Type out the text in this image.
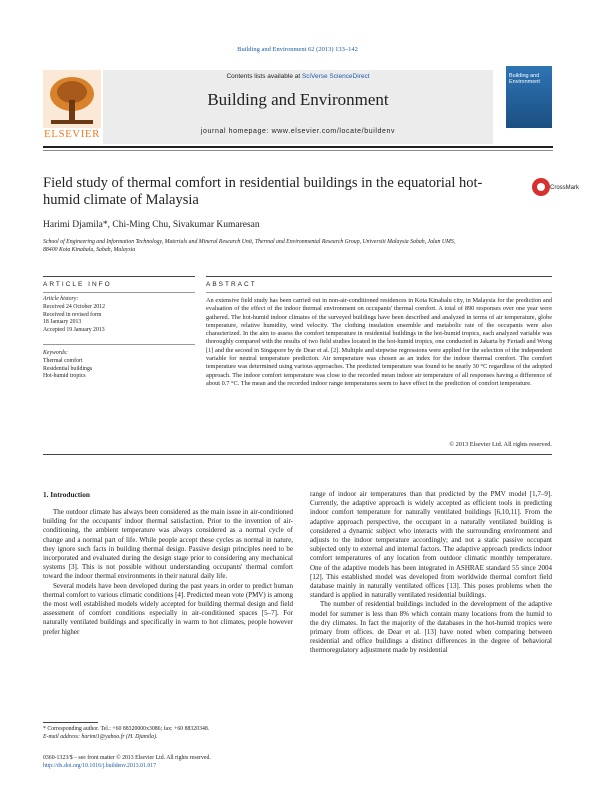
Building and Environment 62 (2013) 133–142
Contents lists available at SciVerse ScienceDirect
Building and Environment
journal homepage: www.elsevier.com/locate/buildenv
ELSEVIER
Building and Environment
Field study of thermal comfort in residential buildings in the equatorial hot-humid climate of Malaysia
CrossMark
Harimi Djamila*, Chi-Ming Chu, Sivakumar Kumaresan
School of Engineering and Information Technology, Materials and Mineral Research Unit, Thermal and Environmental Research Group, Universiti Malaysia Sabah, Jalan UMS, 88400 Kota Kinabalu, Sabah, Malaysia
ARTICLE INFO
Article history:
Received 24 October 2012
Received in revised form
18 January 2013
Accepted 19 January 2013
Keywords:
Thermal comfort
Residential buildings
Hot-humid tropics
ABSTRACT
An extensive field study has been carried out in non-air-conditioned residences in Kota Kinabalu city, in Malaysia for the prediction and evaluation of the effect of the indoor thermal environment on occupants' thermal comfort. A total of 890 responses over one year were gathered. The hot-humid indoor climates of the surveyed buildings have been described and analyzed in terms of air temperature, globe temperature, relative humidity, wind velocity. The clothing insulation ensemble and metabolic rate of the occupants were also characterized. In the aim to assess the comfort temperature in residential buildings in the hot-humid tropics, each analyzed variable was thoroughly compared with the results of two field studies located in the hot-humid tropics, one conducted in Jakarta by Feriadi and Wong [1] and the second in Singapore by de Dear et al. [2]. Multiple and stepwise regressions were applied for the selection of the independent variable for neutral temperature prediction. Air temperature was chosen as an index for the indoor thermal comfort. The comfort temperature was determined using various approaches. The predicted temperature was found to be nearly 30 °C regardless of the adopted approach. The indoor comfort temperature was close to the recorded mean indoor air temperature of all responses having a difference of about 0.7 °C. The mean and the recorded indoor range temperatures seem to have effect in the prediction of comfort temperature.
© 2013 Elsevier Ltd. All rights reserved.
1. Introduction

The outdoor climate has always been considered as the main issue in air-conditioned building for the occupants' indoor thermal satisfaction. Prior to the invention of air-conditioning, the ambient temperature was always considered as a normal cycle of change and a normal part of life. While people accept these cycles as normal in nature, they ignore such facts in building thermal design. Passive design principles need to be incorporated and evaluated during the design stage prior to considering any mechanical systems [3]. This is not possible without understanding occupants' thermal comfort toward the indoor thermal environments in their natural daily life.

Several models have been developed during the past years in order to predict human thermal comfort to various climatic conditions [4]. Predicted mean vote (PMV) is among the most well established models widely accepted for building thermal design and field assessment of comfort conditions especially in air-conditioned spaces [5–7]. For naturally ventilated buildings and specifically in warm to hot climates, people however prefer higher

range of indoor air temperatures than that predicted by the PMV model [1,7–9]. Currently, the adaptive approach is widely accepted as efficient tools in predicting indoor comfort temperature for naturally ventilated buildings [6,10,11]. From the adaptive approach perspective, the occupant in a naturally ventilated building is considered a dynamic subject who interacts with the surrounding environment and adjusts to the indoor temperature accordingly; and not a static passive occupant subjected only to external and internal factors. The adaptive approach predicts indoor comfort temperatures of any location from outdoor climatic monthly temperature. One of the adaptive models has been integrated in ASHRAE standard 55 since 2004 [12]. This established model was developed from worldwide thermal comfort field database mainly in naturally ventilated offices [13]. This poses problems when the standard is applied in naturally ventilated residential buildings.

The number of residential buildings included in the development of the adaptive model for summer is less than 8% which contain many locations from the humid to the dry climates. In fact the majority of the databases in the hot-humid tropics were primary from offices. de Dear et al. [13] have noted when comparing between residential and office buildings a distinct differences in the degree of behavioral thermoregulatory adjustment made by residential

* Corresponding author. Tel.: +60 88320000x3086; fax: +60 88320348.
E-mail address: harimi1@yahoo.fr (H. Djamila).
0360-1323/$ – see front matter © 2013 Elsevier Ltd. All rights reserved.
http://dx.doi.org/10.1016/j.buildenv.2013.01.017
